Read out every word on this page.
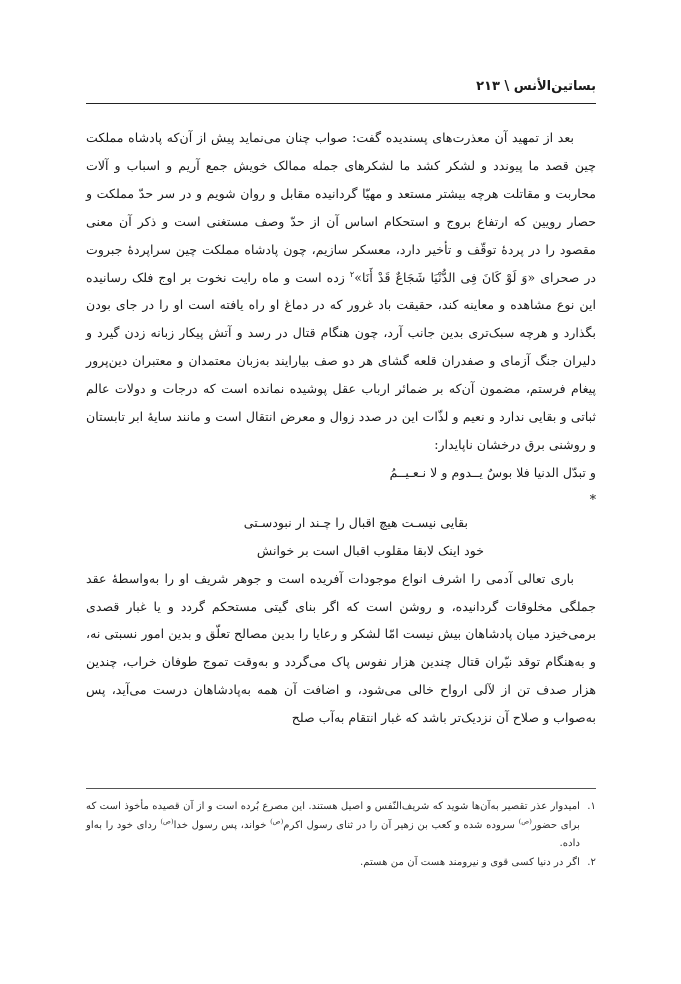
بساتین‌الأنس \ ۲۱۳

بعد از تمهید آن معذرت‌های پسندیده گفت: صواب چنان می‌نماید پیش از آن‌که پادشاه مملکت چین قصد ما پیوندد و لشکر کشد ما لشکرهای جمله ممالک خویش جمع آریم و اسباب و آلات محاربت و مقاتلت هرچه بیشتر مستعد و مهیّا گردانیده مقابل و روان شویم و در سر حدّ مملکت و حصار رویین که ارتفاع بروج و استحکام اساس آن از حدّ وصف مستغنی است و ذکر آن معنی مقصود را در پردهٔ توقّف و تأخیر دارد، معسکر سازیم، چون پادشاه مملکت چین سراپردهٔ جبروت در صحرای «وَ لَوْ کَانَ فِی الدُّنْیَا شَجَاعٌ قَدْ أَنَا»$^۲$ زده است و ماه رایت نخوت بر اوج فلک رسانیده این نوع مشاهده و معاینه کند، حقیقت باد غرور که در دماغ او راه یافته است او را در جای بودن بگذارد و هرچه سبک‌تری بدین جانب آرد، چون هنگام قتال در رسد و آتش پیکار زبانه زدن گیرد و دلیران جنگ آزمای و صفدران قلعه گشای هر دو صف بیارایند به‌زبان معتمدان و معتبران دین‌پرور پیغام فرستم، مضمون آن‌که بر ضمائر ارباب عقل پوشیده نمانده است که درجات و دولات عالم ثباتی و بقایی ندارد و نعیم و لذّات این در صدد زوال و معرض انتقال است و مانند سایهٔ ابر تابستان و روشنی برق درخشان ناپایدار:

و تبدّل الدنیا فلا بوسٌ یــدوم و لا نـعـیــمُ
*
بقایی نیسـت هیچ اقبال را چـند ار نبودسـتی
خود اینک لابقا مقلوب اقبال است بر خوانش

باری تعالی آدمی را اشرف انواع موجودات آفریده است و جوهر شریف او را به‌واسطهٔ عقد جملگی مخلوقات گردانیده، و روشن است که اگر بنای گیتی مستحکم گردد و یا غبار قصدی برمی‌خیزد میان پادشاهان بیش نیست امّا لشکر و رعایا را بدین مصالح تعلّق و بدین امور نسبتی نه، و به‌هنگام توقد نیّران قتال چندین هزار نفوس پاک می‌گردد و به‌وقت تموج طوفان خراب، چندین هزار صدف تن از لآلی ارواح خالی می‌شود، و اضافت آن همه به‌پادشاهان درست می‌آید، پس به‌صواب و صلاح آن نزدیک‌تر باشد که غبار انتقام به‌آب صلح

۱.
امیدوار عذر تقصیر به‌آن‌ها شوید که شریف‌النّفس و اصیل هستند. این مصرع بُرده است و از آن قصیده مأخوذ است که برای حضور$^{(ص)}$ سروده شده و کعب بن زهیر آن را در ثنای رسول اکرم$^{(ص)}$ خواند، پس رسول خدا$^{(ص)}$ ردای خود را به‌او داده.
۲.
اگر در دنیا کسی قوی و نیرومند هست آن من هستم.
